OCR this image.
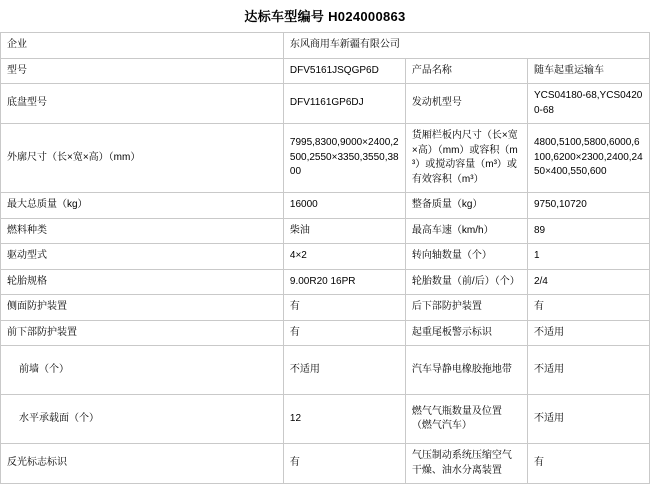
达标车型编号 H024000863
企业	东风商用车新疆有限公司		
型号	DFV5161JSQGP6D	产品名称	随车起重运输车
底盘型号	DFV1161GP6DJ	发动机型号	YCS04180-68,YCS04200-68
外廓尺寸（长×宽×高）（mm）	7995,8300,9000×2400,2500,2550×3350,3550,3800	货厢栏板内尺寸（长×宽×高）（mm）或容积（m³）或搅动容量（m³）或有效容积（m³）	4800,5100,5800,6000,6100,6200×2300,2400,2450×400,550,600
最大总质量（kg）	16000	整备质量（kg）	9750,10720
燃料种类	柴油	最高车速（km/h）	89
驱动型式	4×2	转向轴数量（个）	1
轮胎规格	9.00R20 16PR	轮胎数量（前/后）（个）	2/4
侧面防护装置	有	后下部防护装置	有
前下部防护装置	有	起重尾板警示标识	不适用
前墙（个）	不适用	汽车导静电橡胶拖地带	不适用
水平承载面（个）	12	燃气气瓶数量及位置（燃气汽车）	不适用
反光标志标识	有	气压制动系统压缩空气干燥、油水分离装置	有
